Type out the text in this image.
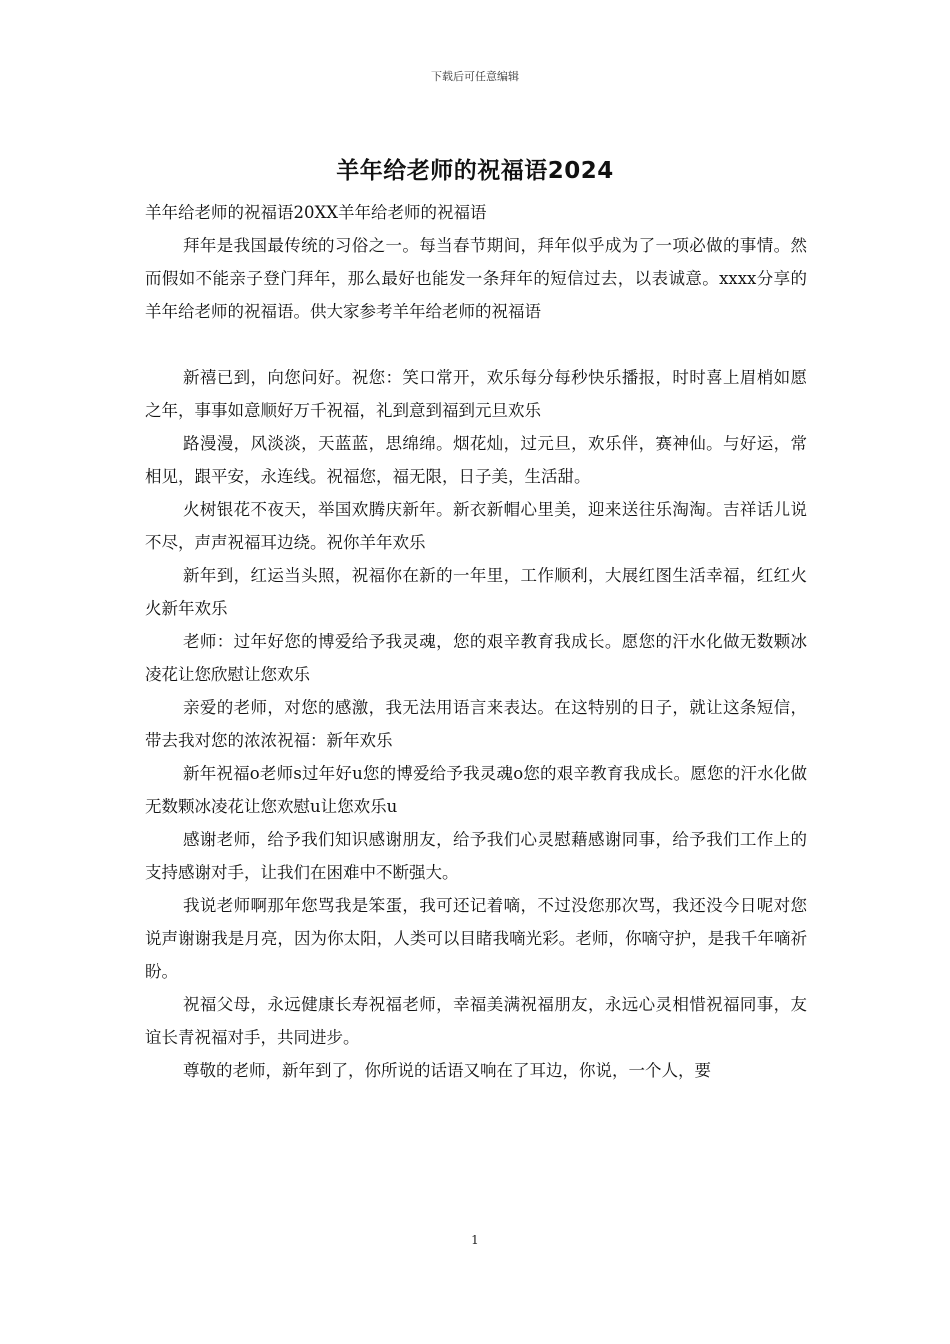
下载后可任意编辑
羊年给老师的祝福语2024

羊年给老师的祝福语20XX羊年给老师的祝福语

拜年是我国最传统的习俗之一。每当春节期间，拜年似乎成为了一项必做的事情。然而假如不能亲子登门拜年，那么最好也能发一条拜年的短信过去，以表诚意。xxxx分享的羊年给老师的祝福语。供大家参考羊年给老师的祝福语

新禧已到，向您问好。祝您：笑口常开，欢乐每分每秒快乐播报，时时喜上眉梢如愿之年，事事如意顺好万千祝福，礼到意到福到元旦欢乐

路漫漫，风淡淡，天蓝蓝，思绵绵。烟花灿，过元旦，欢乐伴，赛神仙。与好运，常相见，跟平安，永连线。祝福您，福无限，日子美，生活甜。

火树银花不夜天，举国欢腾庆新年。新衣新帽心里美，迎来送往乐淘淘。吉祥话儿说不尽，声声祝福耳边绕。祝你羊年欢乐

新年到，红运当头照，祝福你在新的一年里，工作顺利，大展红图生活幸福，红红火火新年欢乐

老师：过年好您的博爱给予我灵魂，您的艰辛教育我成长。愿您的汗水化做无数颗冰凌花让您欣慰让您欢乐

亲爱的老师，对您的感激，我无法用语言来表达。在这特别的日子，就让这条短信，带去我对您的浓浓祝福：新年欢乐

新年祝福o老师s过年好u您的博爱给予我灵魂o您的艰辛教育我成长。愿您的汗水化做无数颗冰凌花让您欢慰u让您欢乐u

感谢老师，给予我们知识感谢朋友，给予我们心灵慰藉感谢同事，给予我们工作上的支持感谢对手，让我们在困难中不断强大。

我说老师啊那年您骂我是笨蛋，我可还记着嘀，不过没您那次骂，我还没今日呢对您说声谢谢我是月亮，因为你太阳，人类可以目睹我嘀光彩。老师，你嘀守护，是我千年嘀祈盼。

祝福父母，永远健康长寿祝福老师，幸福美满祝福朋友，永远心灵相惜祝福同事，友谊长青祝福对手，共同进步。

尊敬的老师，新年到了，你所说的话语又响在了耳边，你说，一个人，要

1
